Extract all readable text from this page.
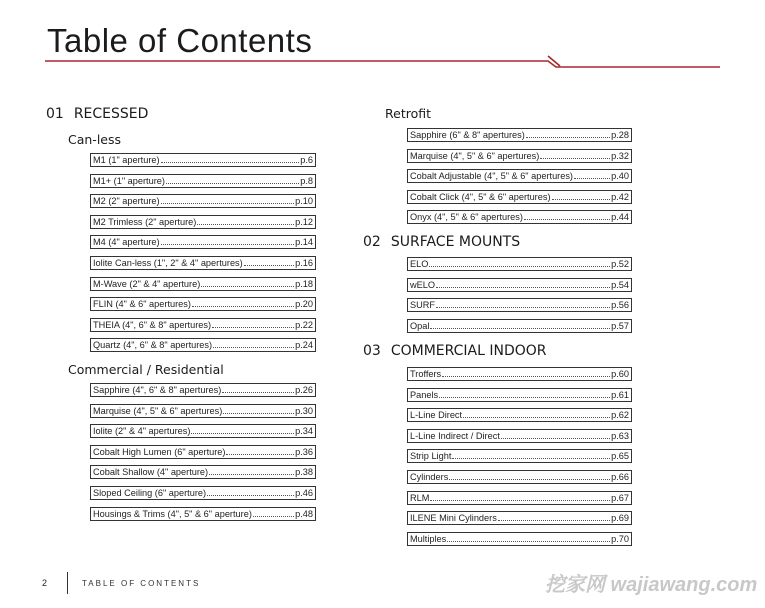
Table of Contents
01 RECESSED
Can-less
M1 (1" aperture)	p.6
M1+ (1" aperture)	p.8
M2 (2" aperture)	p.10
M2 Trimless (2" aperture)	p.12
M4 (4" aperture)	p.14
Iolite Can-less (1", 2" & 4" apertures)	p.16
M-Wave (2" & 4" aperture)	p.18
FLIN (4" & 6" apertures)	p.20
THEIA (4", 6" & 8" apertures)	p.22
Quartz (4", 6" & 8" apertures)	p.24
Commercial / Residential
Sapphire (4", 6" & 8" apertures)	p.26
Marquise (4", 5" & 6" apertures)	p.30
Iolite (2" & 4" apertures)	p.34
Cobalt High Lumen (6" aperture)	p.36
Cobalt Shallow (4" aperture)	p.38
Sloped Ceiling (6" aperture)	p.46
Housings & Trims (4", 5" & 6" aperture)	p.48
Retrofit
Sapphire (6" & 8" apertures)	p.28
Marquise (4", 5" & 6" apertures)	p.32
Cobalt Adjustable (4", 5" & 6" apertures)	p.40
Cobalt Click (4", 5" & 6" apertures)	p.42
Onyx (4", 5" & 6" apertures)	p.44
02 SURFACE MOUNTS
ELO	p.52
wELO	p.54
SURF	p.56
Opal	p.57
03 COMMERCIAL INDOOR
Troffers	p.60
Panels	p.61
L-Line Direct	p.62
L-Line Indirect / Direct	p.63
Strip Light	p.65
Cylinders	p.66
RLM	p.67
ILENE Mini Cylinders	p.69
Multiples	p.70
2	TABLE OF CONTENTS	挖家网 wajiawang.com
